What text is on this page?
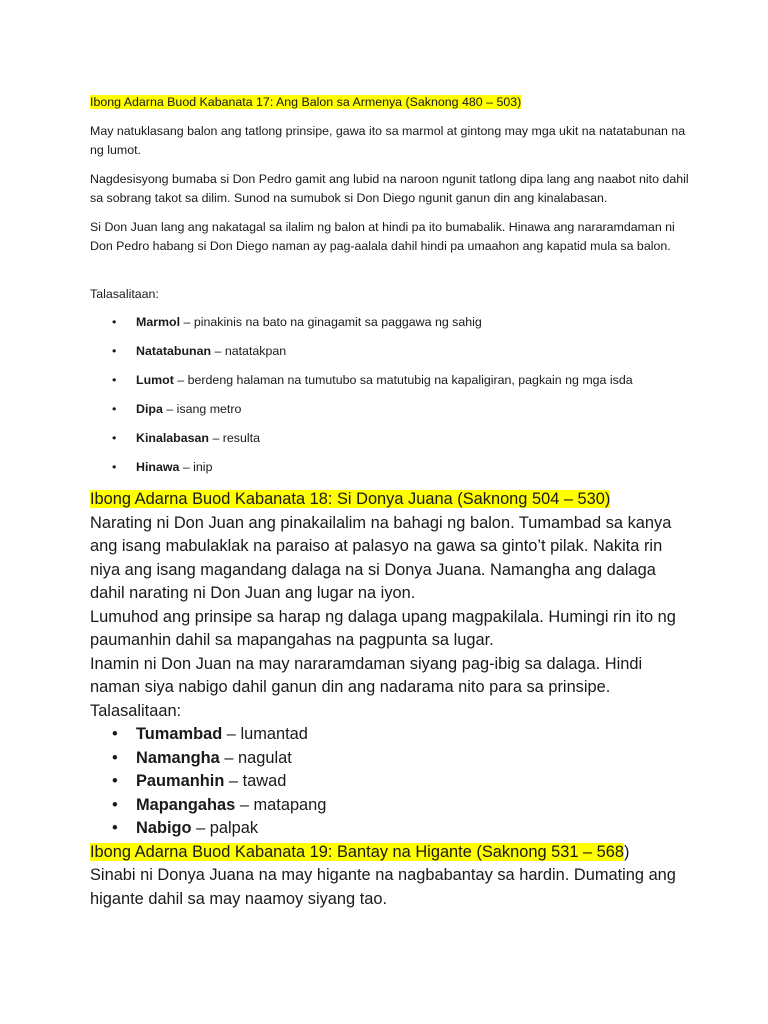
Ibong Adarna Buod Kabanata 17: Ang Balon sa Armenya (Saknong 480 – 503)

May natuklasang balon ang tatlong prinsipe, gawa ito sa marmol at gintong may mga ukit na natatabunan na ng lumot.

Nagdesisyong bumaba si Don Pedro gamit ang lubid na naroon ngunit tatlong dipa lang ang naabot nito dahil sa sobrang takot sa dilim. Sunod na sumubok si Don Diego ngunit ganun din ang kinalabasan.

Si Don Juan lang ang nakatagal sa ilalim ng balon at hindi pa ito bumabalik. Hinawa ang nararamdaman ni Don Pedro habang si Don Diego naman ay pag-aalala dahil hindi pa umaahon ang kapatid mula sa balon.

Talasalitaan:
• Marmol – pinakinis na bato na ginagamit sa paggawa ng sahig
• Natatabunan – natatakpan
• Lumot – berdeng halaman na tumutubo sa matutubig na kapaligiran, pagkain ng mga isda
• Dipa – isang metro
• Kinalabasan – resulta
• Hinawa – inip

Ibong Adarna Buod Kabanata 18: Si Donya Juana (Saknong 504 – 530)

Narating ni Don Juan ang pinakailalim na bahagi ng balon. Tumambad sa kanya ang isang mabulaklak na paraiso at palasyo na gawa sa ginto’t pilak. Nakita rin niya ang isang magandang dalaga na si Donya Juana. Namangha ang dalaga dahil narating ni Don Juan ang lugar na iyon.

Lumuhod ang prinsipe sa harap ng dalaga upang magpakilala. Humingi rin ito ng paumanhin dahil sa mapangahas na pagpunta sa lugar.

Inamin ni Don Juan na may nararamdaman siyang pag-ibig sa dalaga. Hindi naman siya nabigo dahil ganun din ang nadarama nito para sa prinsipe.

Talasalitaan:

• Tumambad – lumantad
• Namangha – nagulat
• Paumanhin – tawad
• Mapangahas – matapang
• Nabigo – palpak

Ibong Adarna Buod Kabanata 19: Bantay na Higante (Saknong 531 – 568)

Sinabi ni Donya Juana na may higante na nagbabantay sa hardin. Dumating ang higante dahil sa may naamoy siyang tao.
